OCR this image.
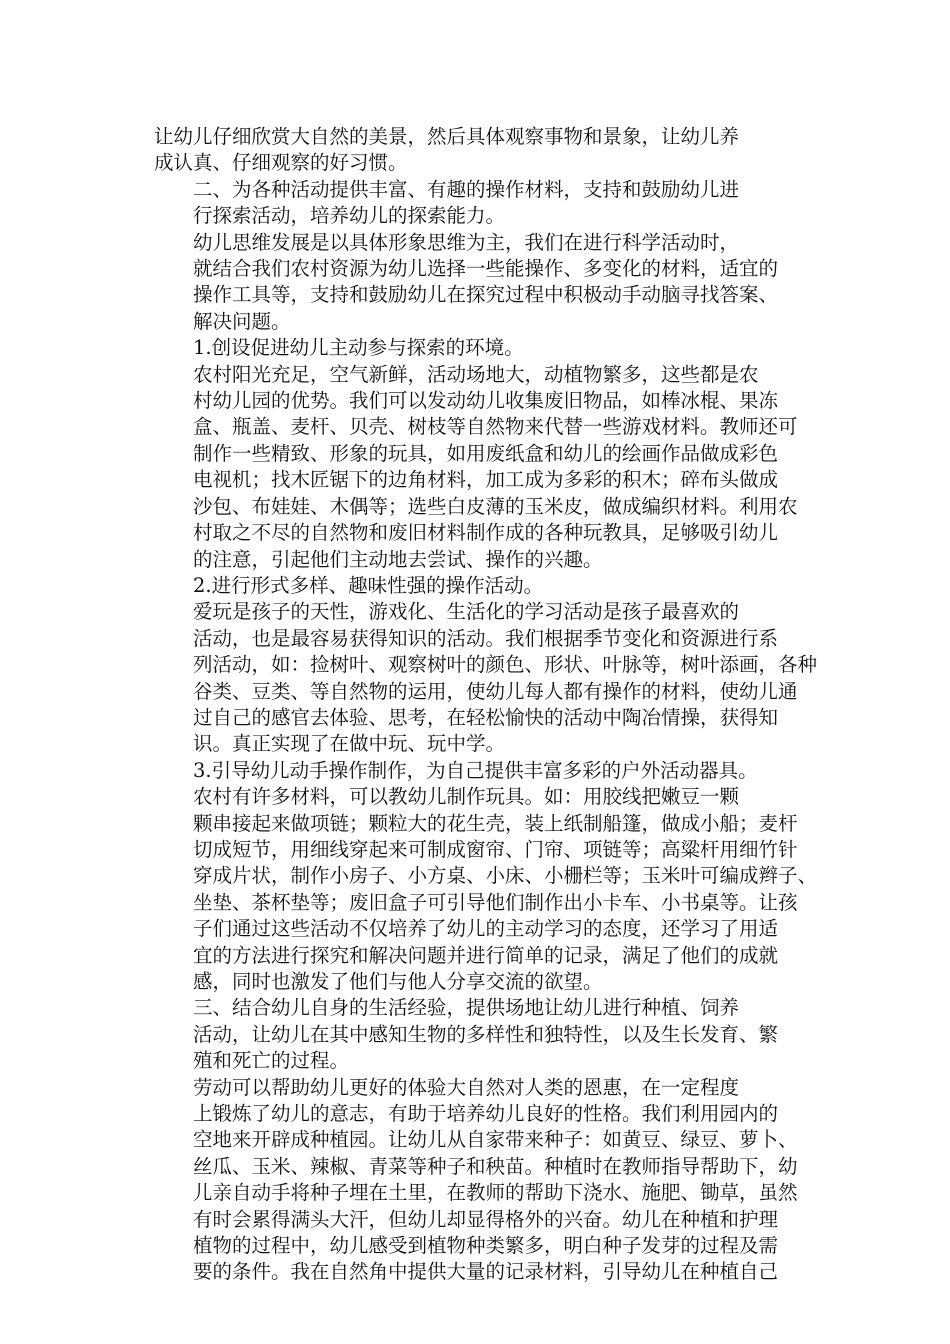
让幼儿仔细欣赏大自然的美景，然后具体观察事物和景象，让幼儿养
成认真、仔细观察的好习惯。

二、为各种活动提供丰富、有趣的操作材料，支持和鼓励幼儿进
行探索活动，培养幼儿的探索能力。

幼儿思维发展是以具体形象思维为主，我们在进行科学活动时，
就结合我们农村资源为幼儿选择一些能操作、多变化的材料，适宜的
操作工具等，支持和鼓励幼儿在探究过程中积极动手动脑寻找答案、
解决问题。

1.创设促进幼儿主动参与探索的环境。

农村阳光充足，空气新鲜，活动场地大，动植物繁多，这些都是农
村幼儿园的优势。我们可以发动幼儿收集废旧物品，如棒冰棍、果冻
盒、瓶盖、麦杆、贝壳、树枝等自然物来代替一些游戏材料。教师还可
制作一些精致、形象的玩具，如用废纸盒和幼儿的绘画作品做成彩色
电视机；找木匠锯下的边角材料，加工成为多彩的积木；碎布头做成
沙包、布娃娃、木偶等；选些白皮薄的玉米皮，做成编织材料。利用农
村取之不尽的自然物和废旧材料制作成的各种玩教具，足够吸引幼儿
的注意，引起他们主动地去尝试、操作的兴趣。

2.进行形式多样、趣味性强的操作活动。

爱玩是孩子的天性，游戏化、生活化的学习活动是孩子最喜欢的
活动，也是最容易获得知识的活动。我们根据季节变化和资源进行系
列活动，如：捡树叶、观察树叶的颜色、形状、叶脉等，树叶添画，各种
谷类、豆类、等自然物的运用，使幼儿每人都有操作的材料，使幼儿通
过自己的感官去体验、思考，在轻松愉快的活动中陶冶情操，获得知
识。真正实现了在做中玩、玩中学。

3.引导幼儿动手操作制作，为自己提供丰富多彩的户外活动器具。

农村有许多材料，可以教幼儿制作玩具。如：用胶线把嫩豆一颗
颗串接起来做项链；颗粒大的花生壳，装上纸制船篷，做成小船；麦杆
切成短节，用细线穿起来可制成窗帘、门帘、项链等；高粱杆用细竹针
穿成片状，制作小房子、小方桌、小床、小栅栏等；玉米叶可编成辫子、
坐垫、茶杯垫等；废旧盒子可引导他们制作出小卡车、小书桌等。让孩
子们通过这些活动不仅培养了幼儿的主动学习的态度，还学习了用适
宜的方法进行探究和解决问题并进行简单的记录，满足了他们的成就
感，同时也激发了他们与他人分享交流的欲望。

三、结合幼儿自身的生活经验，提供场地让幼儿进行种植、饲养
活动，让幼儿在其中感知生物的多样性和独特性，以及生长发育、繁
殖和死亡的过程。

劳动可以帮助幼儿更好的体验大自然对人类的恩惠，在一定程度
上锻炼了幼儿的意志，有助于培养幼儿良好的性格。我们利用园内的
空地来开辟成种植园。让幼儿从自家带来种子：如黄豆、绿豆、萝卜、
丝瓜、玉米、辣椒、青菜等种子和秧苗。种植时在教师指导帮助下，幼
儿亲自动手将种子埋在土里，在教师的帮助下浇水、施肥、锄草，虽然
有时会累得满头大汗，但幼儿却显得格外的兴奋。幼儿在种植和护理
植物的过程中，幼儿感受到植物种类繁多，明白种子发芽的过程及需
要的条件。我在自然角中提供大量的记录材料，引导幼儿在种植自己
